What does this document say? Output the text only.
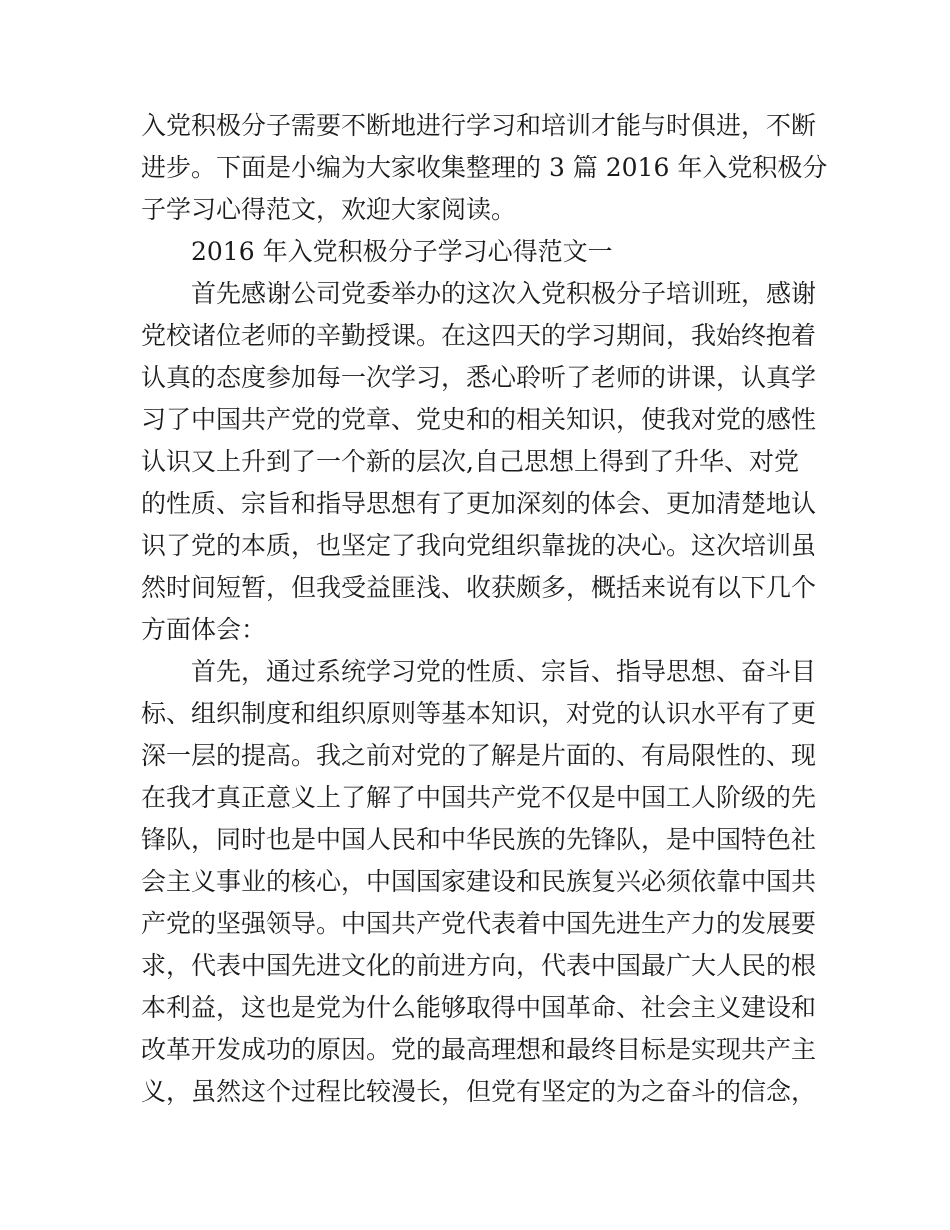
入党积极分子需要不断地进行学习和培训才能与时俱进，不断
进步。下面是小编为大家收集整理的 3 篇 2016 年入党积极分
子学习心得范文，欢迎大家阅读。
2016 年入党积极分子学习心得范文一
首先感谢公司党委举办的这次入党积极分子培训班，感谢
党校诸位老师的辛勤授课。在这四天的学习期间，我始终抱着
认真的态度参加每一次学习，悉心聆听了老师的讲课，认真学
习了中国共产党的党章、党史和的相关知识，使我对党的感性
认识又上升到了一个新的层次,自己思想上得到了升华、对党
的性质、宗旨和指导思想有了更加深刻的体会、更加清楚地认
识了党的本质，也坚定了我向党组织靠拢的决心。这次培训虽
然时间短暂，但我受益匪浅、收获颇多，概括来说有以下几个
方面体会：
首先，通过系统学习党的性质、宗旨、指导思想、奋斗目
标、组织制度和组织原则等基本知识，对党的认识水平有了更
深一层的提高。我之前对党的了解是片面的、有局限性的、现
在我才真正意义上了解了中国共产党不仅是中国工人阶级的先
锋队，同时也是中国人民和中华民族的先锋队，是中国特色社
会主义事业的核心，中国国家建设和民族复兴必须依靠中国共
产党的坚强领导。中国共产党代表着中国先进生产力的发展要
求，代表中国先进文化的前进方向，代表中国最广大人民的根
本利益，这也是党为什么能够取得中国革命、社会主义建设和
改革开发成功的原因。党的最高理想和最终目标是实现共产主
义，虽然这个过程比较漫长，但党有坚定的为之奋斗的信念，
